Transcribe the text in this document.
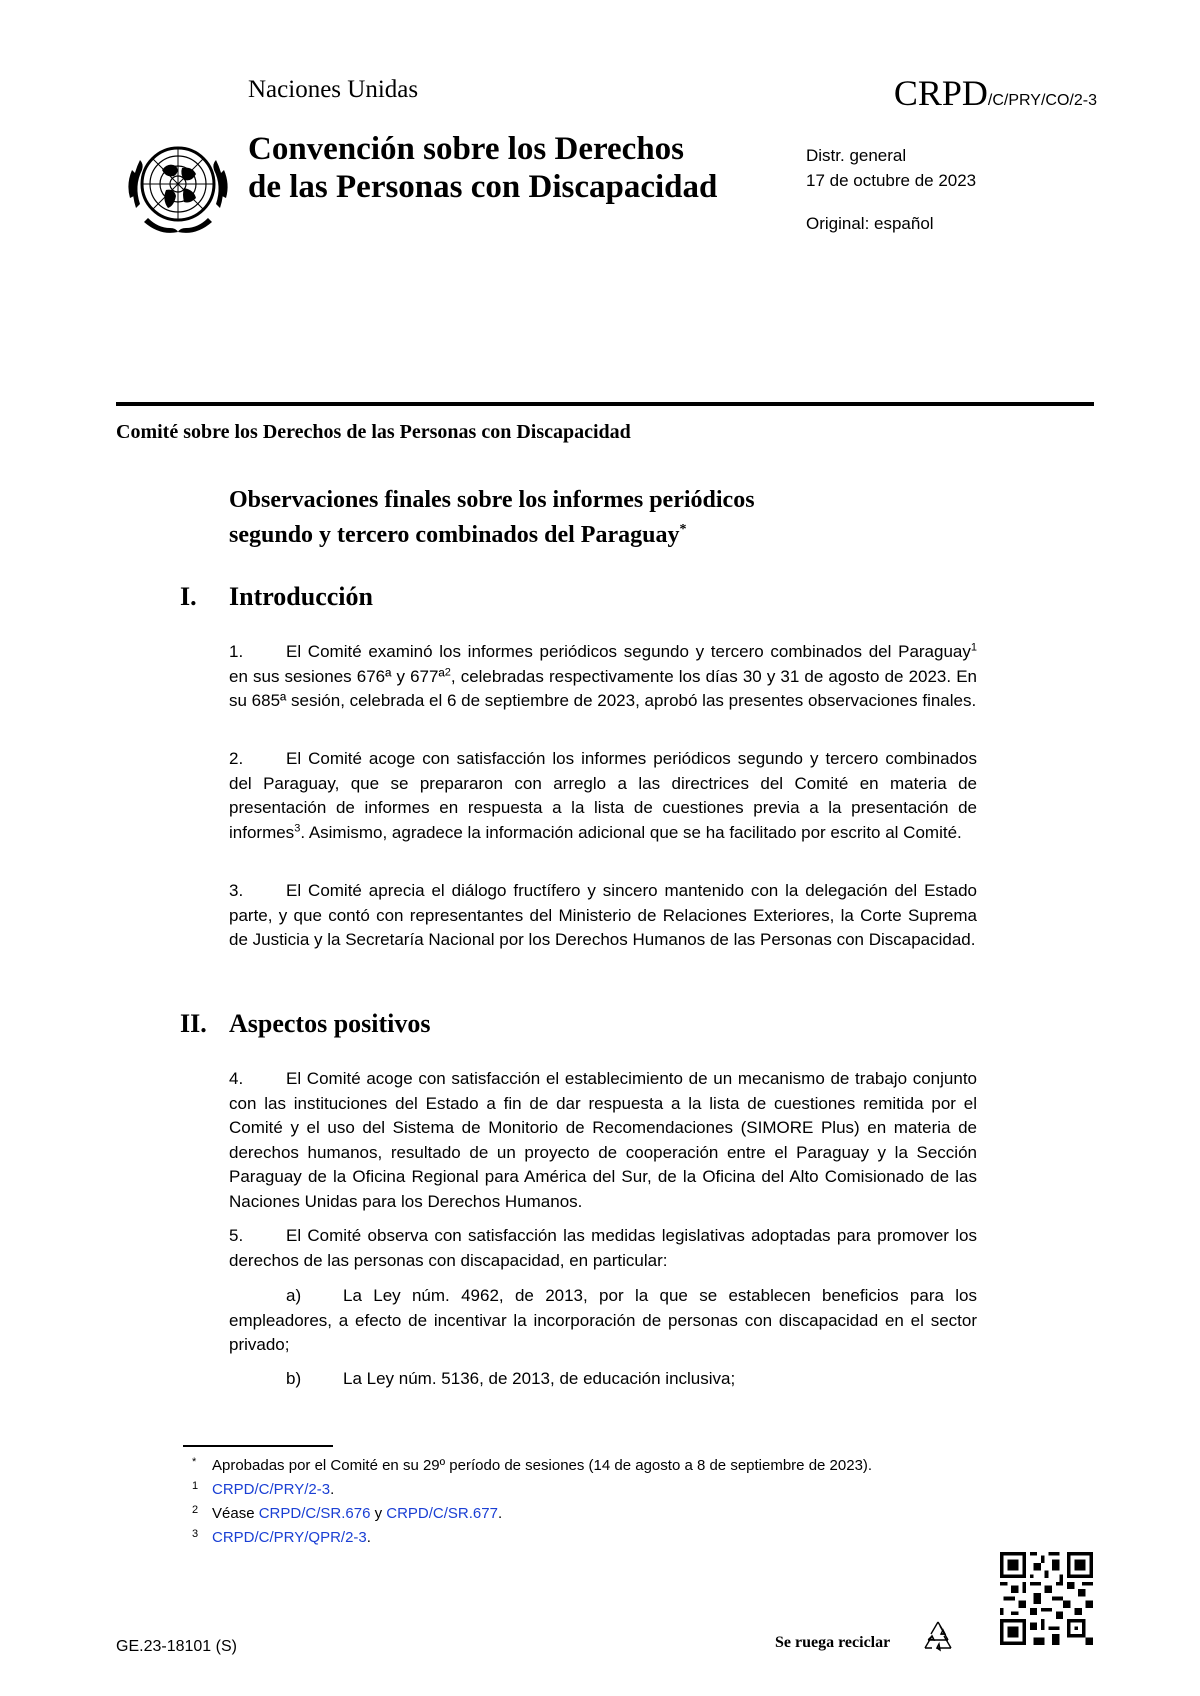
Naciones Unidas	CRPD/C/PRY/CO/2-3
Convención sobre los Derechos
de las Personas con Discapacidad
Distr. general
17 de octubre de 2023
Original: español
Comité sobre los Derechos de las Personas con Discapacidad
Observaciones finales sobre los informes periódicos
segundo y tercero combinados del Paraguay*
I. Introducción
1.	El Comité examinó los informes periódicos segundo y tercero combinados del Paraguay$^1$ en sus sesiones 676ª y 677ª$^2$, celebradas respectivamente los días 30 y 31 de agosto de 2023. En su 685ª sesión, celebrada el 6 de septiembre de 2023, aprobó las presentes observaciones finales.
2.	El Comité acoge con satisfacción los informes periódicos segundo y tercero combinados del Paraguay, que se prepararon con arreglo a las directrices del Comité en materia de presentación de informes en respuesta a la lista de cuestiones previa a la presentación de informes$^3$. Asimismo, agradece la información adicional que se ha facilitado por escrito al Comité.
3.	El Comité aprecia el diálogo fructífero y sincero mantenido con la delegación del Estado parte, y que contó con representantes del Ministerio de Relaciones Exteriores, la Corte Suprema de Justicia y la Secretaría Nacional por los Derechos Humanos de las Personas con Discapacidad.
II. Aspectos positivos
4.	El Comité acoge con satisfacción el establecimiento de un mecanismo de trabajo conjunto con las instituciones del Estado a fin de dar respuesta a la lista de cuestiones remitida por el Comité y el uso del Sistema de Monitorio de Recomendaciones (SIMORE Plus) en materia de derechos humanos, resultado de un proyecto de cooperación entre el Paraguay y la Sección Paraguay de la Oficina Regional para América del Sur, de la Oficina del Alto Comisionado de las Naciones Unidas para los Derechos Humanos.
5.	El Comité observa con satisfacción las medidas legislativas adoptadas para promover los derechos de las personas con discapacidad, en particular:
a) La Ley núm. 4962, de 2013, por la que se establecen beneficios para los empleadores, a efecto de incentivar la incorporación de personas con discapacidad en el sector privado;
b) La Ley núm. 5136, de 2013, de educación inclusiva;
* Aprobadas por el Comité en su 29º período de sesiones (14 de agosto a 8 de septiembre de 2023).
1 CRPD/C/PRY/2-3.
2 Véase CRPD/C/SR.676 y CRPD/C/SR.677.
3 CRPD/C/PRY/QPR/2-3.
GE.23-18101 (S)	Se ruega reciclar
